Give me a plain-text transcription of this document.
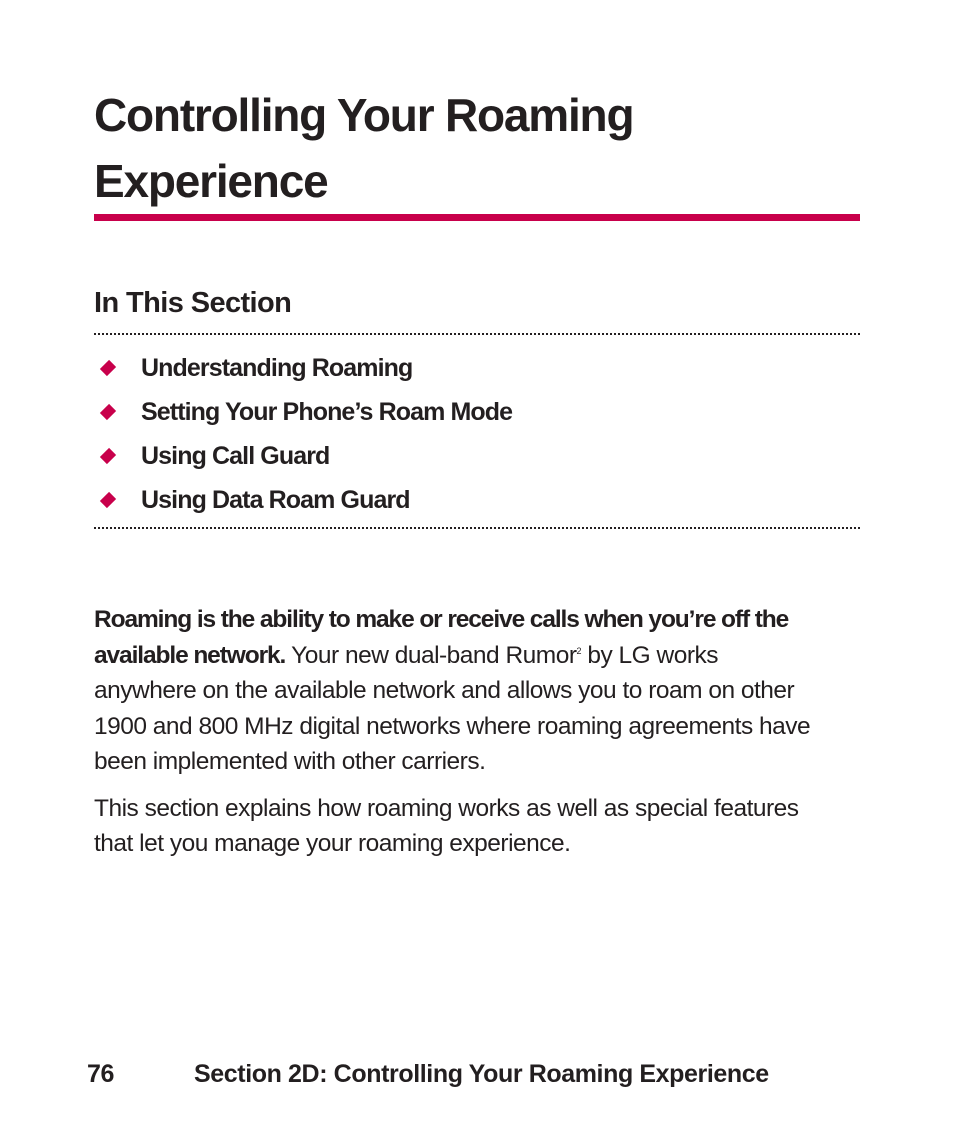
Controlling Your Roaming Experience
In This Section
Understanding Roaming
Setting Your Phone’s Roam Mode
Using Call Guard
Using Data Roam Guard

Roaming is the ability to make or receive calls when you’re off the available network. Your new dual-band Rumor$^2$ by LG works anywhere on the available network and allows you to roam on other 1900 and 800 MHz digital networks where roaming agreements have been implemented with other carriers.

This section explains how roaming works as well as special features that let you manage your roaming experience.

76	Section 2D: Controlling Your Roaming Experience
